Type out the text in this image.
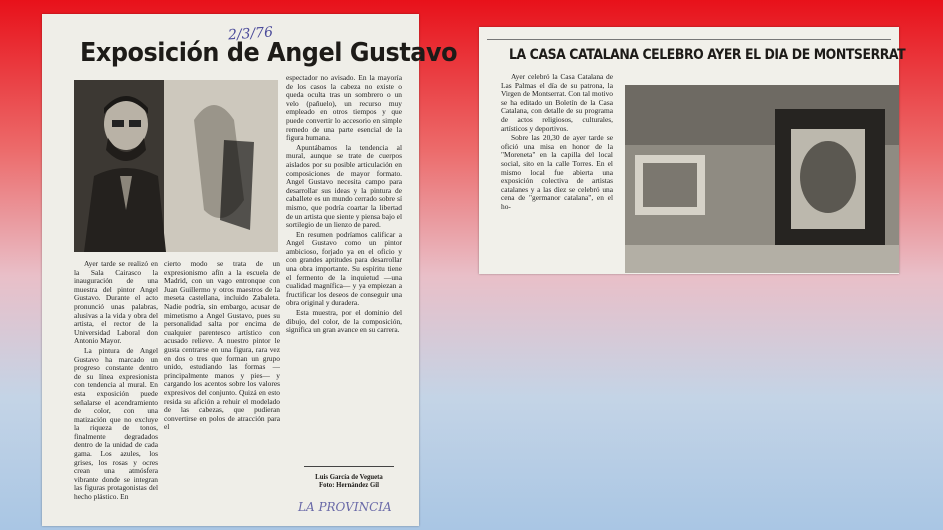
Exposición de Angel Gustavo
2/3/76

Ayer tarde se realizó en la Sala Cairasco la inauguración de una muestra del pintor Angel Gustavo. Durante el acto pronunció unas palabras, alusivas a la vida y obra del artista, el rector de la Universidad Laboral don Antonio Mayor.

La pintura de Angel Gustavo ha marcado un progreso constante dentro de su línea expresionista con tendencia al mural. En esta exposición puede señalarse el acendramiento de color, con una matización que no excluye la riqueza de tonos, finalmente degradados dentro de la unidad de cada gama. Los azules, los grises, los rosas y ocres crean una atmósfera vibrante donde se integran las figuras protagonistas del hecho plástico. En

cierto modo se trata de un expresionismo afín a la escuela de Madrid, con un vago entronque con Juan Guillermo y otros maestros de la meseta castellana, incluido Zabaleta. Nadie podría, sin embargo, acusar de mimetismo a Angel Gustavo, pues su personalidad salta por encima de cualquier parentesco artístico con acusado relieve. A nuestro pintor le gusta centrarse en una figura, rara vez en dos o tres que forman un grupo unido, estudiando las formas —principalmente manos y pies— y cargando los acentos sobre los valores expresivos del conjunto. Quizá en esto resida su afición a rehuir el modelado de las cabezas, que pudieran convertirse en polos de atracción para el

espectador no avisado. En la mayoría de los casos la cabeza no existe o queda oculta tras un sombrero o un velo (pañuelo), un recurso muy empleado en otros tiempos y que puede convertir lo accesorio en simple remedo de una parte esencial de la figura humana.

Apuntábamos la tendencia al mural, aunque se trate de cuerpos aislados por su posible articulación en composiciones de mayor formato. Angel Gustavo necesita campo para desarrollar sus ideas y la pintura de caballete es un mundo cerrado sobre sí mismo, que podría coartar la libertad de un artista que siente y piensa bajo el sortilegio de un lienzo de pared.

En resumen podríamos calificar a Angel Gustavo como un pintor ambicioso, forjado ya en el oficio y con grandes aptitudes para desarrollar una obra importante. Su espíritu tiene el fermento de la inquietud —una cualidad magnífica— y ya empiezan a fructificar los deseos de conseguir una obra original y duradera.

Esta muestra, por el dominio del dibujo, del color, de la composición, significa un gran avance en su carrera.

Luis García de Vegueta
Foto: Hernández Gil
LA PROVINCIA
LA CASA CATALANA CELEBRO AYER EL DIA DE MONTSERRAT

Ayer celebró la Casa Catalana de Las Palmas el día de su patrona, la Virgen de Montserrat. Con tal motivo se ha editado un Boletín de la Casa Catalana, con detalle de su programa de actos religiosos, culturales, artísticos y deportivos.

Sobre las 20,30 de ayer tarde se ofició una misa en honor de la "Moreneta" en la capilla del local social, sito en la calle Torres. En el mismo local fue abierta una exposición colectiva de artistas catalanes y a las diez se celebró una cena de "germanor catalana", en el ho-
